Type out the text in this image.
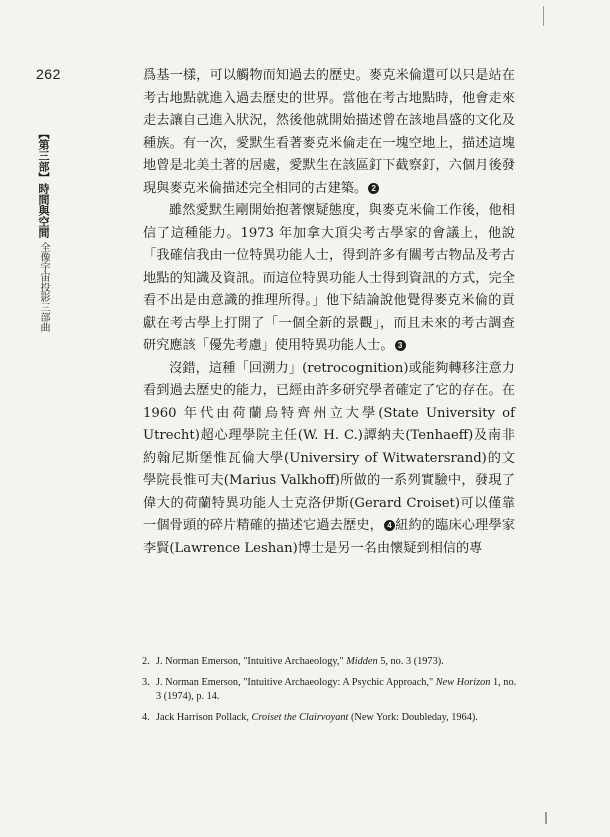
262
全像宇宙投影三部曲
【第三部】時間與空間

爲基一樣，可以觸物而知過去的歷史。麥克米倫還可以只是站在考古地點就進入過去歷史的世界。當他在考古地點時，他會走來走去讓自己進入狀況，然後他就開始描述曾在該地昌盛的文化及種族。有一次，愛默生看著麥克米倫走在一塊空地上，描述這塊地曾是北美土著的居處，愛默生在該區釘下截察釘，六個月後發現與麥克米倫描述完全相同的古建築。 2

雖然愛默生剛開始抱著懷疑態度，與麥克米倫工作後，他相信了這種能力。1973 年加拿大頂尖考古學家的會議上，他說「我確信我由一位特異功能人士，得到許多有關考古物品及考古地點的知識及資訊。而這位特異功能人士得到資訊的方式，完全看不出是由意識的推理所得。」他下結論說他覺得麥克米倫的貢獻在考古學上打開了「一個全新的景觀」，而且未來的考古調查研究應該「優先考慮」使用特異功能人士。 3

沒錯，這種「回溯力」(retrocognition)或能夠轉移注意力看到過去歷史的能力，已經由許多研究學者確定了它的存在。在 1960 年代由荷蘭烏特齊州立大學(State University of Utrecht)超心理學院主任(W. H. C.)譚納夫(Tenhaeff)及南非約翰尼斯堡惟瓦倫大學(Universiry of Witwatersrand)的文學院長惟可夫(Marius Valkhoff)所做的一系列實驗中，發現了偉大的荷蘭特異功能人士克洛伊斯(Gerard Croiset)可以僅靠一個骨頭的碎片精確的描述它過去歷史， 4 紐約的臨床心理學家李賢(Lawrence Leshan)博士是另一名由懷疑到相信的專

2. J. Norman Emerson, "Intuitive Archaeology," Midden 5, no. 3 (1973).

3. J. Norman Emerson, "Intuitive Archaeology: A Psychic Approach," New Horizon 1, no. 3 (1974), p. 14.

4. Jack Harrison Pollack, Croiset the Clairvoyant (New York: Doubleday, 1964).
